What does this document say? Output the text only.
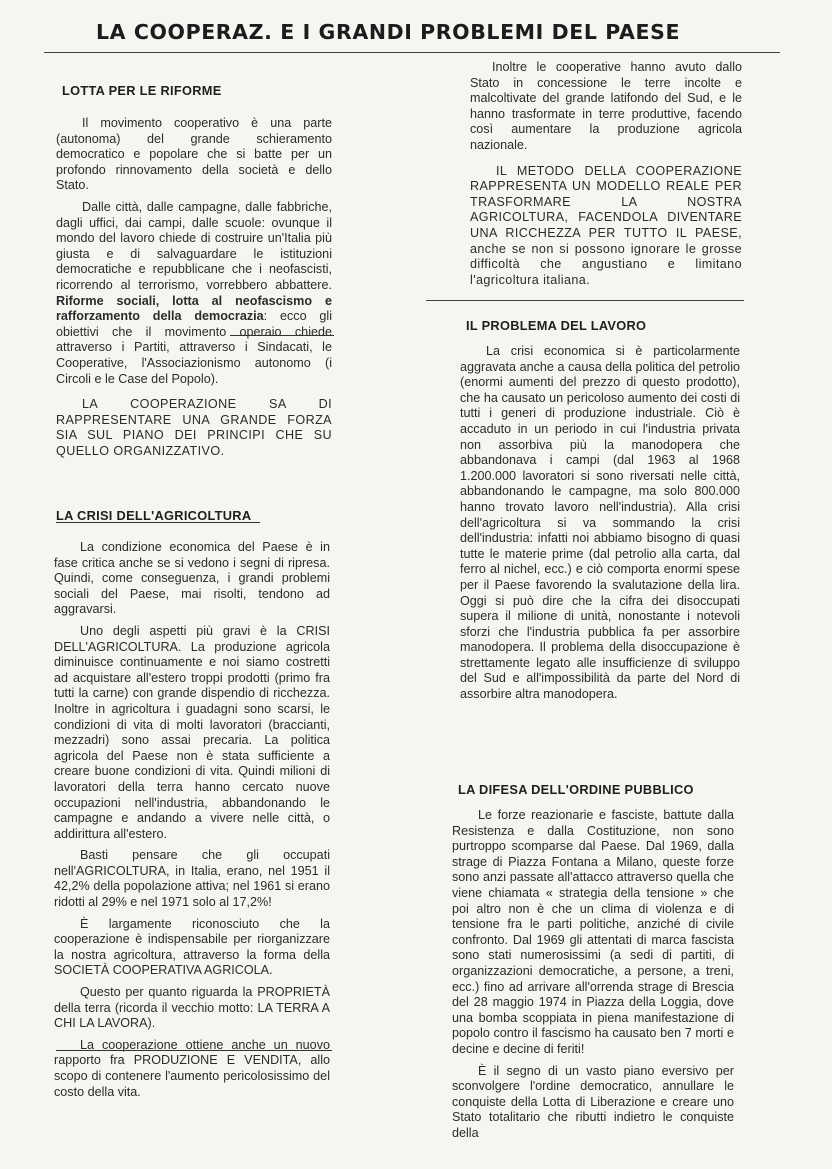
LA COOPERAZ. E I GRANDI PROBLEMI DEL PAESE
LOTTA PER LE RIFORME

Il movimento cooperativo è una parte (autonoma) del grande schieramento democratico e popolare che si batte per un profondo rinnovamento della società e dello Stato.

Dalle città, dalle campagne, dalle fabbriche, dagli uffici, dai campi, dalle scuole: ovunque il mondo del lavoro chiede di costruire un'Italia più giusta e di salvaguardare le istituzioni democratiche e repubblicane che i neofascisti, ricorrendo al terrorismo, vorrebbero abbattere. Riforme sociali, lotta al neofascismo e rafforzamento della democrazia: ecco gli obiettivi che il movimento operaio chiede attraverso i Partiti, attraverso i Sindacati, le Cooperative, l'Associazionismo autonomo (i Circoli e le Case del Popolo).

LA COOPERAZIONE SA DI RAPPRESENTARE UNA GRANDE FORZA SIA SUL PIANO DEI PRINCIPI CHE SU QUELLO ORGANIZZATIVO.

LA CRISI DELL'AGRICOLTURA

La condizione economica del Paese è in fase critica anche se si vedono i segni di ripresa. Quindi, come conseguenza, i grandi problemi sociali del Paese, mai risolti, tendono ad aggravarsi.

Uno degli aspetti più gravi è la CRISI DELL'AGRICOLTURA. La produzione agricola diminuisce continuamente e noi siamo costretti ad acquistare all'estero troppi prodotti (primo fra tutti la carne) con grande dispendio di ricchezza. Inoltre in agricoltura i guadagni sono scarsi, le condizioni di vita di molti lavoratori (braccianti, mezzadri) sono assai precaria. La politica agricola del Paese non è stata sufficiente a creare buone condizioni di vita. Quindi milioni di lavoratori della terra hanno cercato nuove occupazioni nell'industria, abbandonando le campagne e andando a vivere nelle città, o addirittura all'estero.

Basti pensare che gli occupati nell'AGRICOLTURA, in Italia, erano, nel 1951 il 42,2% della popolazione attiva; nel 1961 si erano ridotti al 29% e nel 1971 solo al 17,2%!

È largamente riconosciuto che la cooperazione è indispensabile per riorganizzare la nostra agricoltura, attraverso la forma della SOCIETÀ COOPERATIVA AGRICOLA.

Questo per quanto riguarda la PROPRIETÀ della terra (ricorda il vecchio motto: LA TERRA A CHI LA LAVORA).

La cooperazione ottiene anche un nuovo rapporto fra PRODUZIONE E VENDITA, allo scopo di contenere l'aumento pericolosissimo del costo della vita.

Inoltre le cooperative hanno avuto dallo Stato in concessione le terre incolte e malcoltivate del grande latifondo del Sud, e le hanno trasformate in terre produttive, facendo così aumentare la produzione agricola nazionale.

IL METODO DELLA COOPERAZIONE RAPPRESENTA UN MODELLO REALE PER TRASFORMARE LA NOSTRA AGRICOLTURA, FACENDOLA DIVENTARE UNA RICCHEZZA PER TUTTO IL PAESE, anche se non si possono ignorare le grosse difficoltà che angustiano e limitano l'agricoltura italiana.

IL PROBLEMA DEL LAVORO

La crisi economica si è particolarmente aggravata anche a causa della politica del petrolio (enormi aumenti del prezzo di questo prodotto), che ha causato un pericoloso aumento dei costi di tutti i generi di produzione industriale. Ciò è accaduto in un periodo in cui l'industria privata non assorbiva più la manodopera che abbandonava i campi (dal 1963 al 1968 1.200.000 lavoratori si sono riversati nelle città, abbandonando le campagne, ma solo 800.000 hanno trovato lavoro nell'industria). Alla crisi dell'agricoltura si va sommando la crisi dell'industria: infatti noi abbiamo bisogno di quasi tutte le materie prime (dal petrolio alla carta, dal ferro al nichel, ecc.) e ciò comporta enormi spese per il Paese favorendo la svalutazione della lira. Oggi si può dire che la cifra dei disoccupati supera il milione di unità, nonostante i notevoli sforzi che l'industria pubblica fa per assorbire manodopera. Il problema della disoccupazione è strettamente legato alle insufficienze di sviluppo del Sud e all'impossibilità da parte del Nord di assorbire altra manodopera.

LA DIFESA DELL'ORDINE PUBBLICO

Le forze reazionarie e fasciste, battute dalla Resistenza e dalla Costituzione, non sono purtroppo scomparse dal Paese. Dal 1969, dalla strage di Piazza Fontana a Milano, queste forze sono anzi passate all'attacco attraverso quella che viene chiamata « strategia della tensione » che poi altro non è che un clima di violenza e di tensione fra le parti politiche, anziché di civile confronto. Dal 1969 gli attentati di marca fascista sono stati numerosissimi (a sedi di partiti, di organizzazioni democratiche, a persone, a treni, ecc.) fino ad arrivare all'orrenda strage di Brescia del 28 maggio 1974 in Piazza della Loggia, dove una bomba scoppiata in piena manifestazione di popolo contro il fascismo ha causato ben 7 morti e decine e decine di feriti!

È il segno di un vasto piano eversivo per sconvolgere l'ordine democratico, annullare le conquiste della Lotta di Liberazione e creare uno Stato totalitario che ributti indietro le conquiste della
